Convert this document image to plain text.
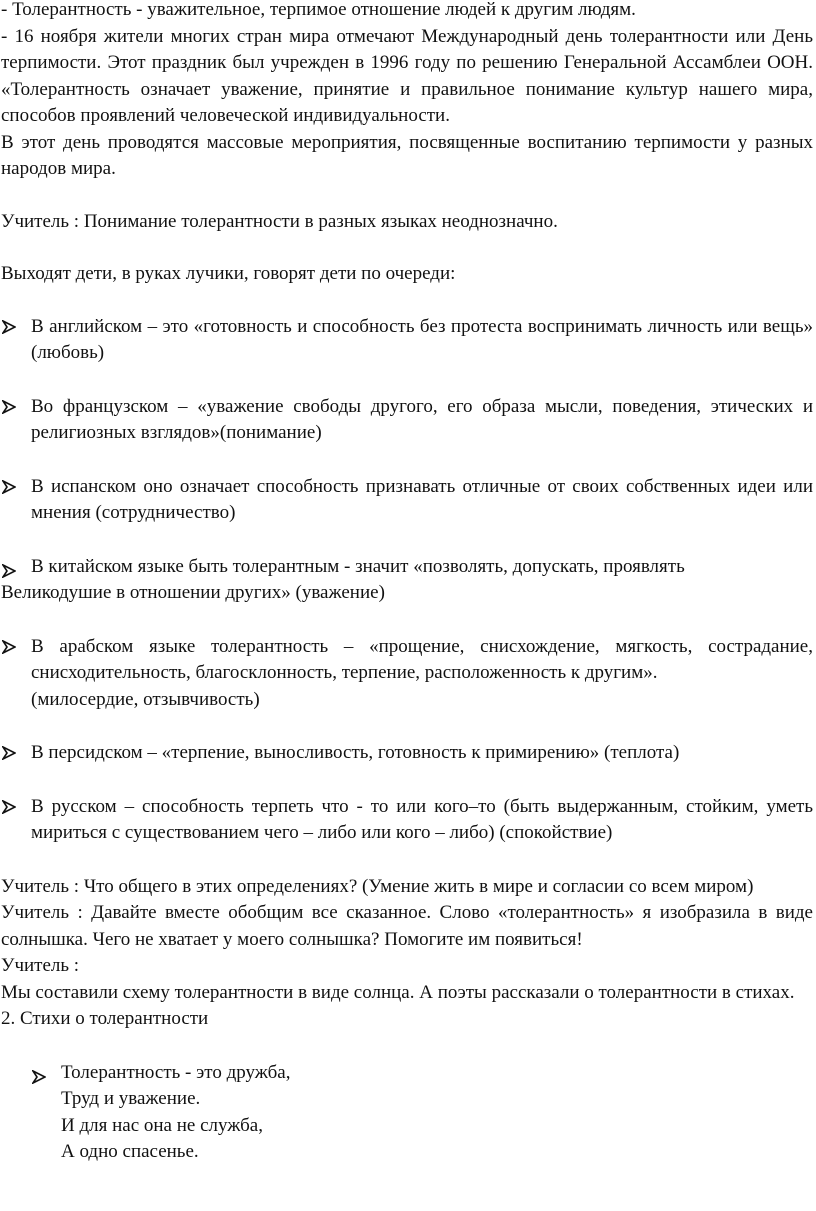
- Толерантность - уважительное, терпимое отношение людей к другим людям.

- 16 ноября жители многих стран мира отмечают Международный день толерантности или День терпимости. Этот праздник был учрежден в 1996 году по решению Генеральной Ассамблеи ООН. «Толерантность означает уважение, принятие и правильное понимание культур нашего мира, способов проявлений человеческой индивидуальности.

В этот день проводятся массовые мероприятия, посвященные воспитанию терпимости у разных народов мира.

Учитель : Понимание толерантности в разных языках неоднозначно.

Выходят дети, в руках лучики, говорят дети по очереди:

В английском – это «готовность и способность без протеста воспринимать личность или вещь» (любовь)
Во французском – «уважение свободы другого, его образа мысли, поведения, этических и религиозных взглядов»(понимание)
В испанском оно означает способность признавать отличные от своих собственных идеи или мнения (сотрудничество)
В китайском языке быть толерантным - значит «позволять, допускать, проявлять

Великодушие в отношении других» (уважение)

В арабском языке толерантность – «прощение, снисхождение, мягкость, сострадание, снисходительность, благосклонность, терпение, расположенность к другим».
(милосердие, отзывчивость)
В персидском – «терпение, выносливость, готовность к примирению» (теплота)
В русском – способность терпеть что - то или кого–то (быть выдержанным, стойким, уметь мириться с существованием чего – либо или кого – либо) (спокойствие)

Учитель : Что общего в этих определениях? (Умение жить в мире и согласии со всем миром)

Учитель : Давайте вместе обобщим все сказанное. Слово «толерантность» я изобразила в виде солнышка. Чего не хватает у моего солнышка? Помогите им появиться!

Учитель :

Мы составили схему толерантности в виде солнца. А поэты рассказали о толерантности в стихах.

2. Стихи о толерантности

Толерантность - это дружба,
Труд и уважение.
И для нас она не служба,
А одно спасенье.
